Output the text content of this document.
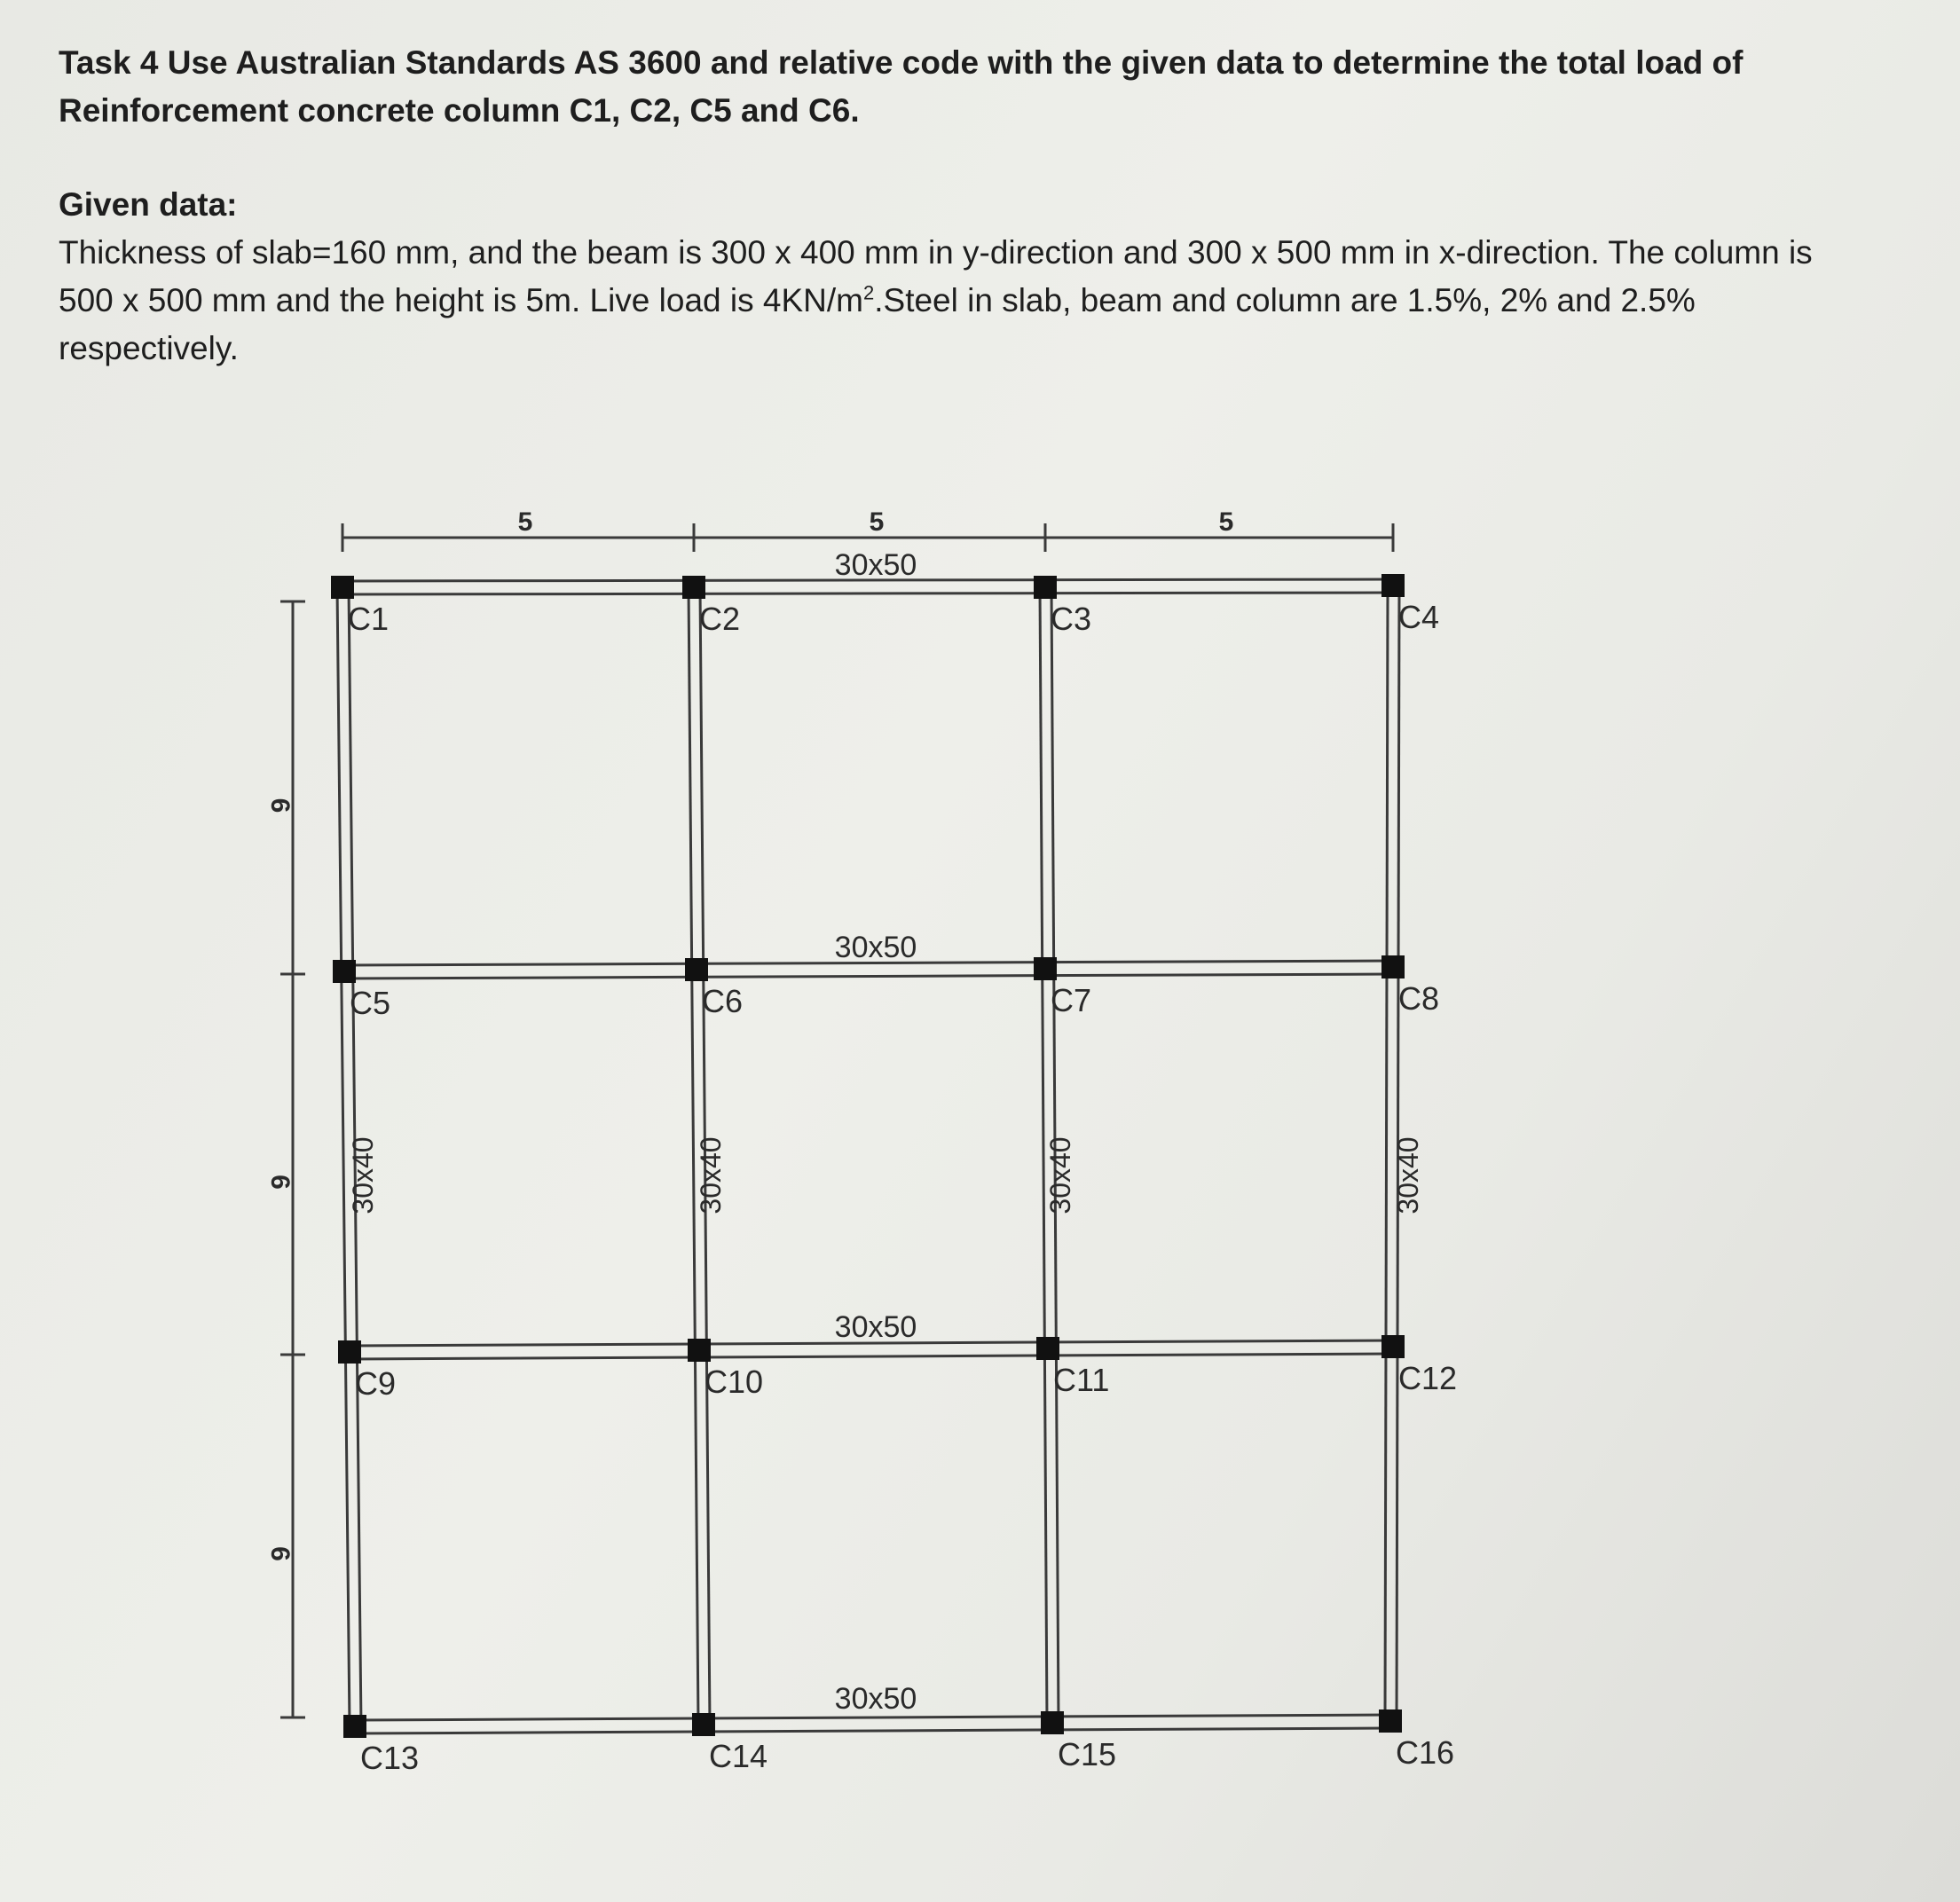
Task 4 Use Australian Standards AS 3600 and relative code with the given data to determine the total load of

Reinforcement concrete column C1, C2, C5 and C6.

Given data:

Thickness of slab=160 mm, and the beam is 300 x 400 mm in y-direction and 300 x 500 mm in x-direction. The column is

500 x 500 mm and the height is 5m. Live load is $4KN/m^2.Steel$ in slab, beam and column are 1.5%, 2% and 2.5%

respectively.

5	5	5
6
6
6
C1	C2	C3	C4
C5	C6	C7	C8
C9	C10	C11	C12
C13	C14	C15	C16
30x50
30x50
30x50
30x50
30x40	30x40	30x40	30x40
